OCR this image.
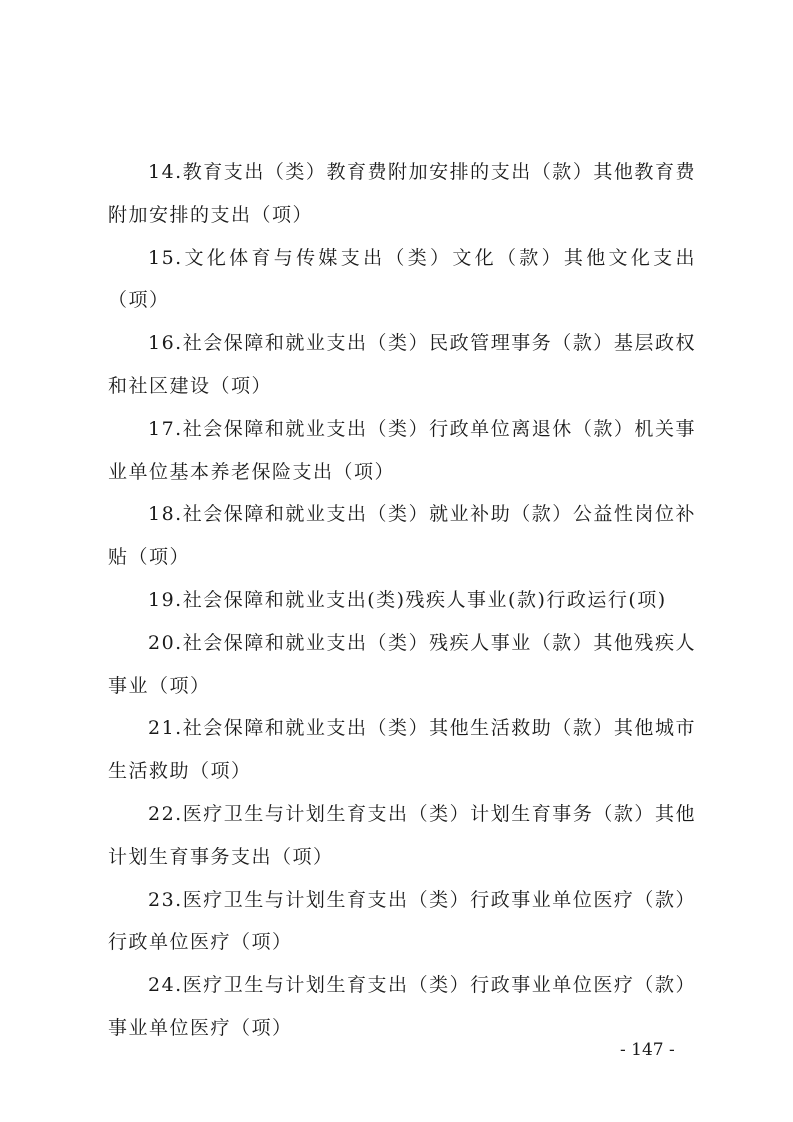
14.教育支出（类）教育费附加安排的支出（款）其他教育费附加安排的支出（项）

15.文化体育与传媒支出（类）文化（款）其他文化支出（项）

16.社会保障和就业支出（类）民政管理事务（款）基层政权和社区建设（项）

17.社会保障和就业支出（类）行政单位离退休（款）机关事业单位基本养老保险支出（项）

18.社会保障和就业支出（类）就业补助（款）公益性岗位补贴（项）

19.社会保障和就业支出(类)残疾人事业(款)行政运行(项)

20.社会保障和就业支出（类）残疾人事业（款）其他残疾人事业（项）

21.社会保障和就业支出（类）其他生活救助（款）其他城市生活救助（项）

22.医疗卫生与计划生育支出（类）计划生育事务（款）其他计划生育事务支出（项）

23.医疗卫生与计划生育支出（类）行政事业单位医疗（款）行政单位医疗（项）

24.医疗卫生与计划生育支出（类）行政事业单位医疗（款）事业单位医疗（项）

- 147 -
